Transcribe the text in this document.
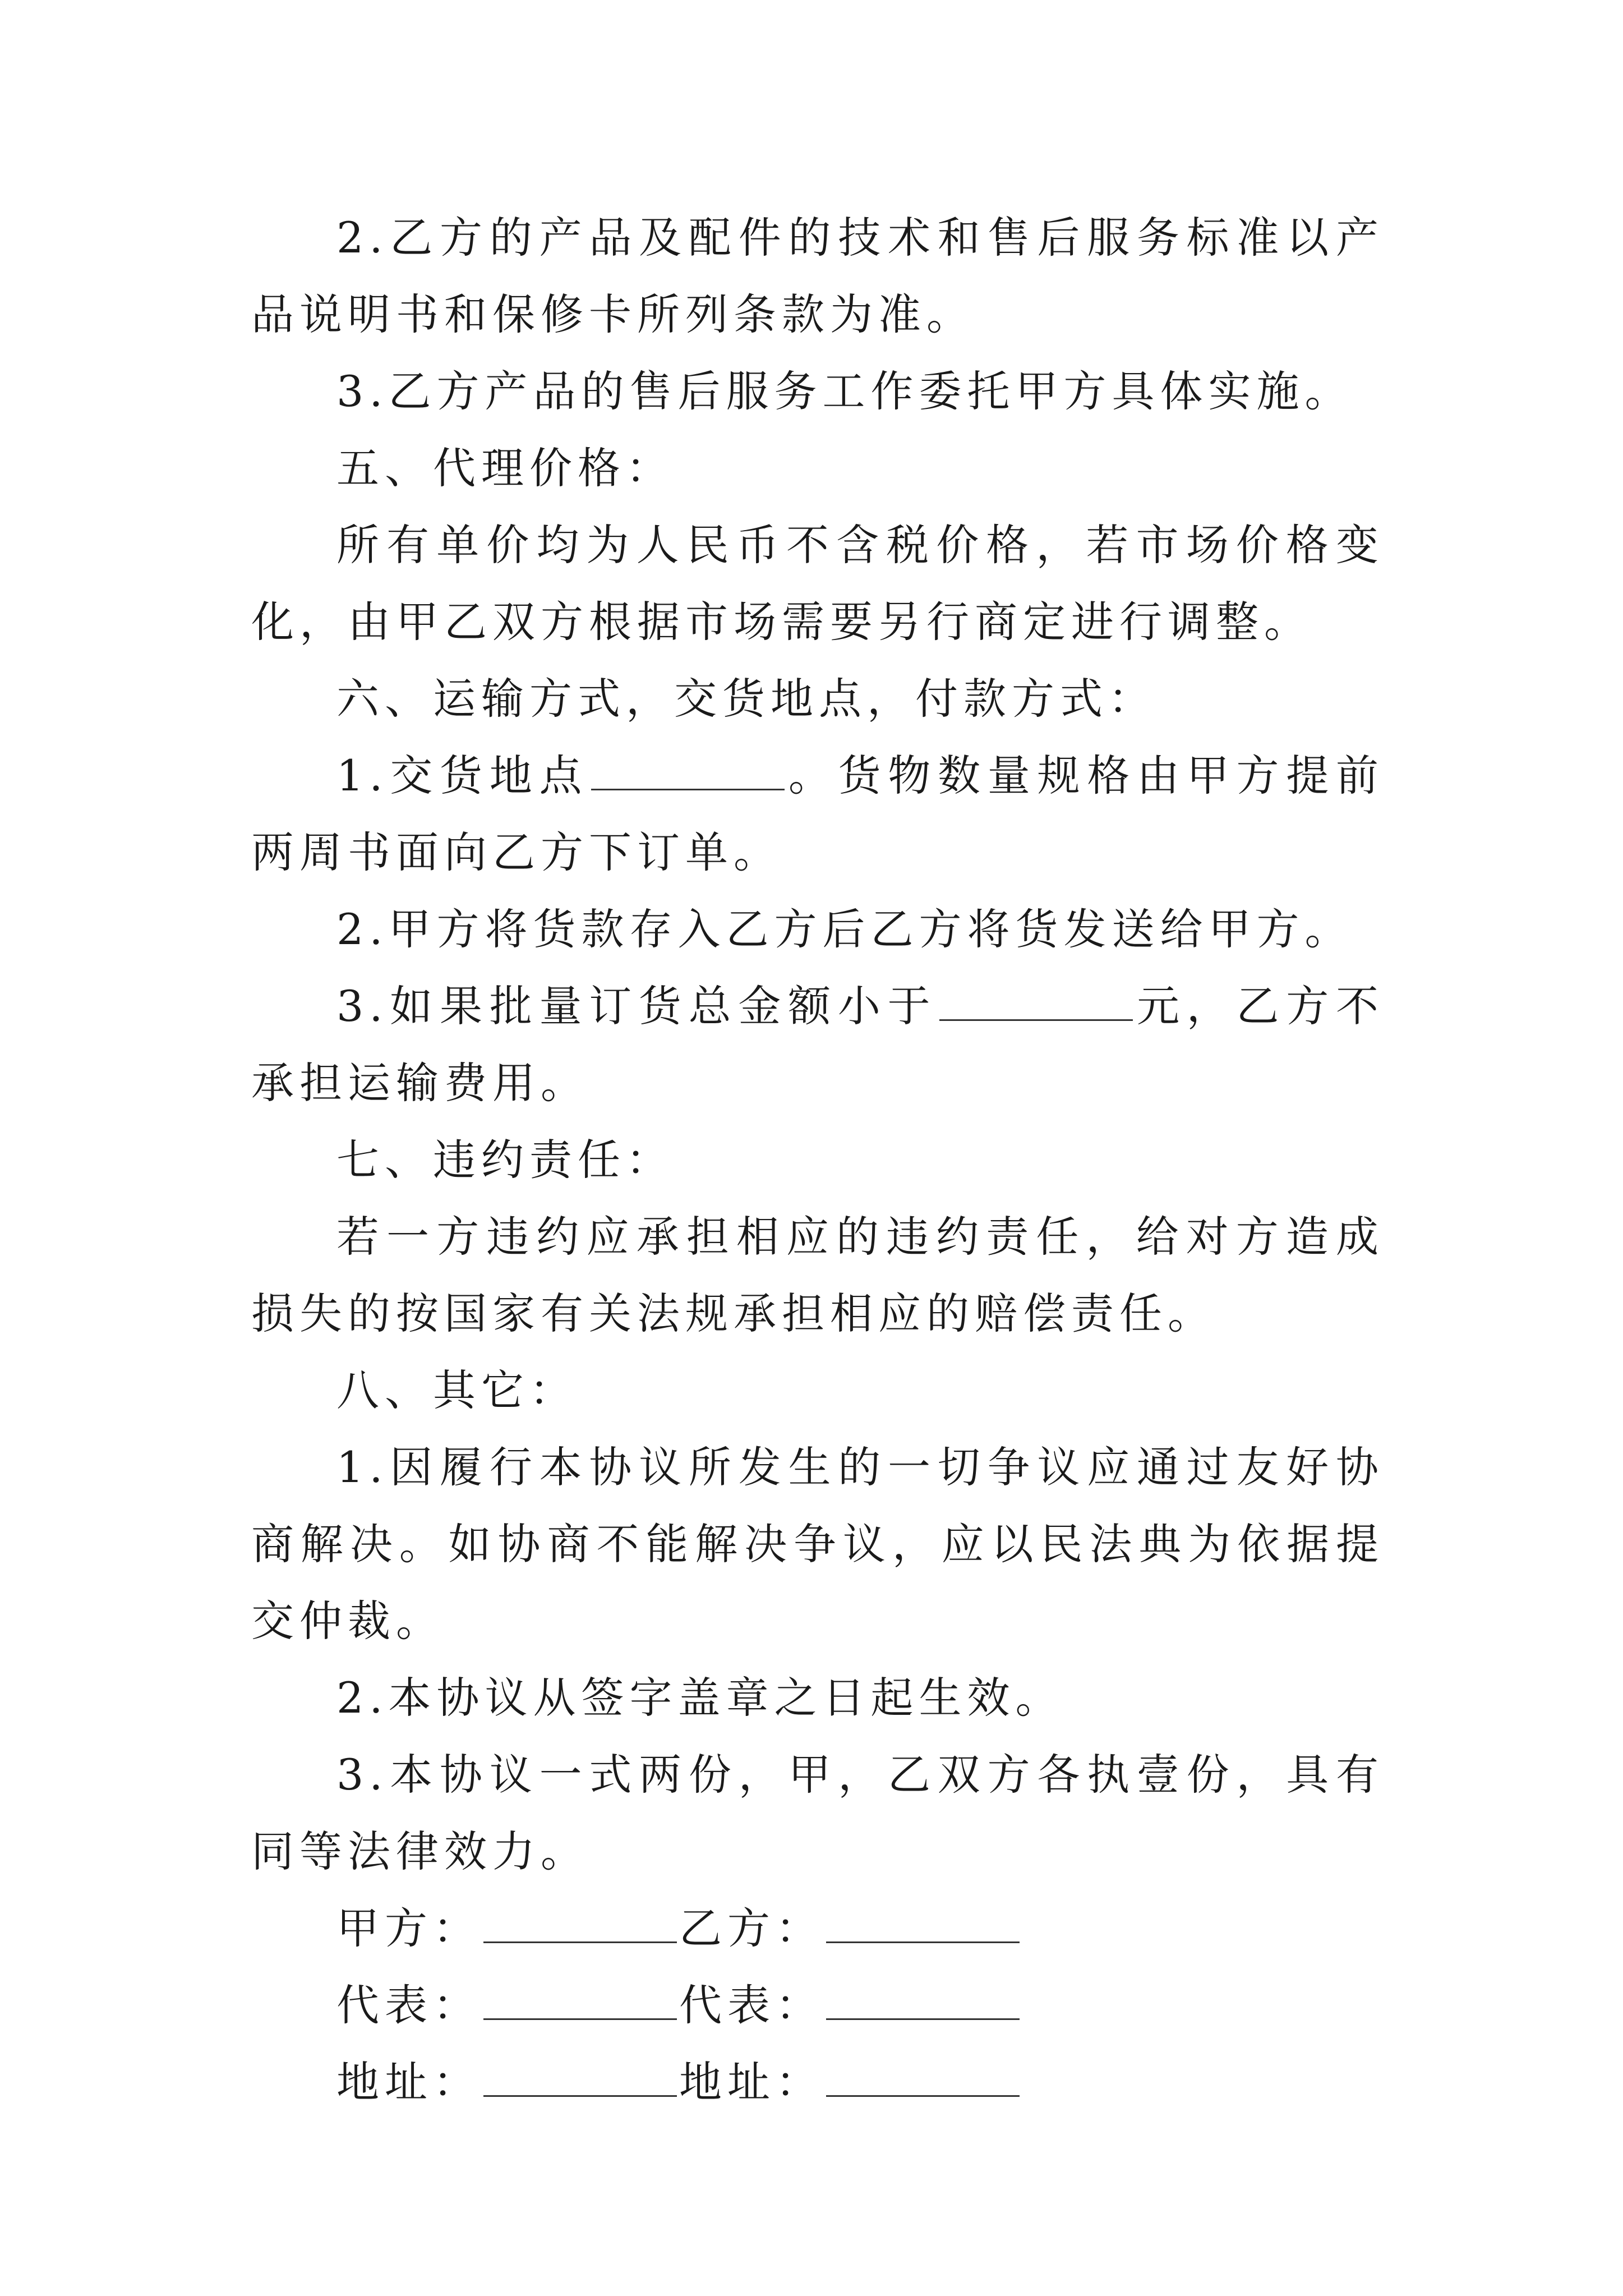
2.乙方的产品及配件的技术和售后服务标准以产品说明书和保修卡所列条款为准。

3.乙方产品的售后服务工作委托甲方具体实施。

五、代理价格：

所有单价均为人民币不含税价格，若市场价格变化，由甲乙双方根据市场需要另行商定进行调整。

六、运输方式，交货地点，付款方式：

1.交货地点	。货物数量规格由甲方提前两周书面向乙方下订单。

2.甲方将货款存入乙方后乙方将货发送给甲方。

3.如果批量订货总金额小于	元，乙方不承担运输费用。

七、违约责任：

若一方违约应承担相应的违约责任，给对方造成损失的按国家有关法规承担相应的赔偿责任。

八、其它：

1.因履行本协议所发生的一切争议应通过友好协商解决。如协商不能解决争议，应以民法典为依据提交仲裁。

2.本协议从签字盖章之日起生效。

3.本协议一式两份，甲，乙双方各执壹份，具有同等法律效力。

甲方：	乙方：

代表：	代表：

地址：	地址：
